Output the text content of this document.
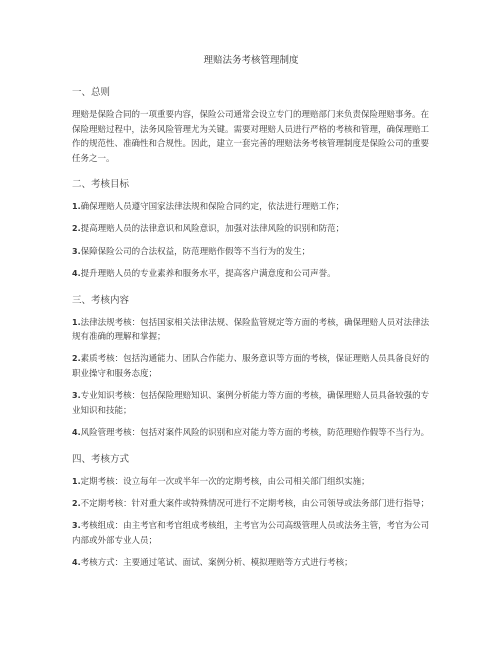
理赔法务考核管理制度
一、总则
理赔是保险合同的一项重要内容，保险公司通常会设立专门的理赔部门来负责保险理赔事务。在保险理赔过程中，法务风险管理尤为关键。需要对理赔人员进行严格的考核和管理，确保理赔工作的规范性、准确性和合规性。因此，建立一套完善的理赔法务考核管理制度是保险公司的重要任务之一。
二、考核目标
1.确保理赔人员遵守国家法律法规和保险合同约定，依法进行理赔工作；
2.提高理赔人员的法律意识和风险意识，加强对法律风险的识别和防范；
3.保障保险公司的合法权益，防范理赔作假等不当行为的发生；
4.提升理赔人员的专业素养和服务水平，提高客户满意度和公司声誉。
三、考核内容
1.法律法规考核：包括国家相关法律法规、保险监管规定等方面的考核，确保理赔人员对法律法规有准确的理解和掌握；
2.素质考核：包括沟通能力、团队合作能力、服务意识等方面的考核，保证理赔人员具备良好的职业操守和服务态度；
3.专业知识考核：包括保险理赔知识、案例分析能力等方面的考核，确保理赔人员具备较强的专业知识和技能；
4.风险管理考核：包括对案件风险的识别和应对能力等方面的考核，防范理赔作假等不当行为。
四、考核方式
1.定期考核：设立每年一次或半年一次的定期考核，由公司相关部门组织实施；
2.不定期考核：针对重大案件或特殊情况可进行不定期考核，由公司领导或法务部门进行指导；
3.考核组成：由主考官和考官组成考核组，主考官为公司高级管理人员或法务主管，考官为公司内部或外部专业人员；
4.考核方式：主要通过笔试、面试、案例分析、模拟理赔等方式进行考核；
